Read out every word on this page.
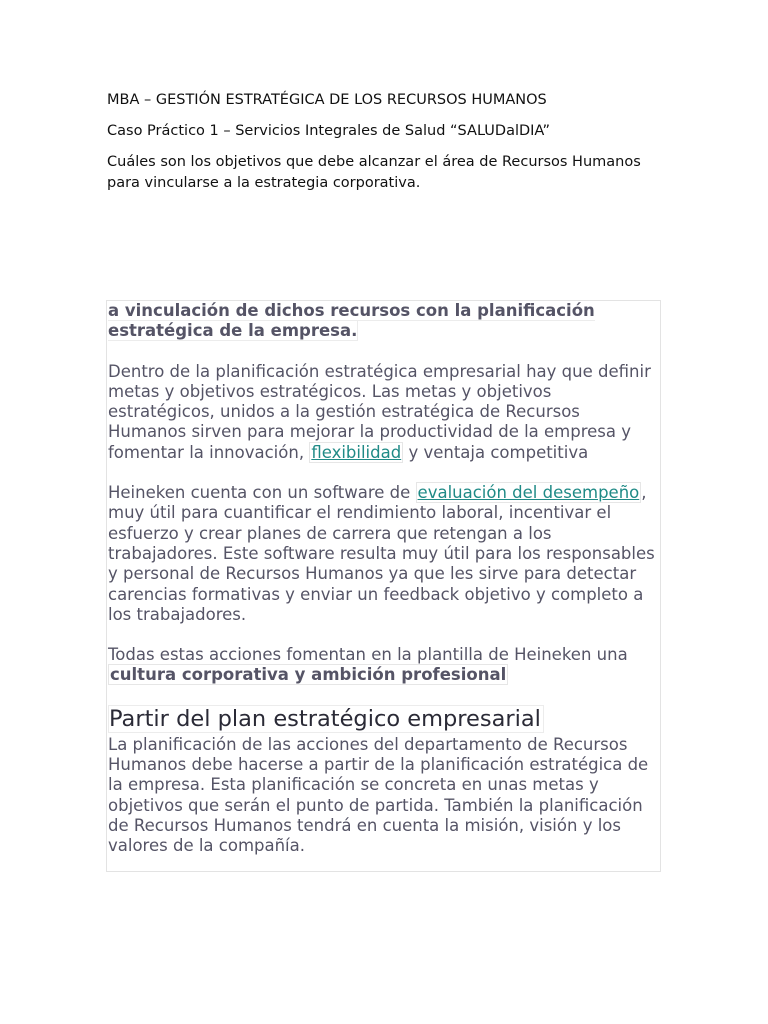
MBA – GESTIÓN ESTRATÉGICA DE LOS RECURSOS HUMANOS

Caso Práctico 1 – Servicios Integrales de Salud “SALUDalDIA”

Cuáles son los objetivos que debe alcanzar el área de Recursos Humanos para vincularse a la estrategia corporativa.

a vinculación de dichos recursos con la planificación estratégica de la empresa.

Dentro de la planificación estratégica empresarial hay que definir metas y objetivos estratégicos. Las metas y objetivos estratégicos, unidos a la gestión estratégica de Recursos Humanos sirven para mejorar la productividad de la empresa y fomentar la innovación, flexibilidad y ventaja competitiva

Heineken cuenta con un software de evaluación del desempeño , muy útil para cuantificar el rendimiento laboral, incentivar el esfuerzo y crear planes de carrera que retengan a los trabajadores. Este software resulta muy útil para los responsables y personal de Recursos Humanos ya que les sirve para detectar carencias formativas y enviar un feedback objetivo y completo a los trabajadores.

Todas estas acciones fomentan en la plantilla de Heineken una cultura corporativa y ambición profesional

Partir del plan estratégico empresarial

La planificación de las acciones del departamento de Recursos Humanos debe hacerse a partir de la planificación estratégica de la empresa. Esta planificación se concreta en unas metas y objetivos que serán el punto de partida. También la planificación de Recursos Humanos tendrá en cuenta la misión, visión y los valores de la compañía.
